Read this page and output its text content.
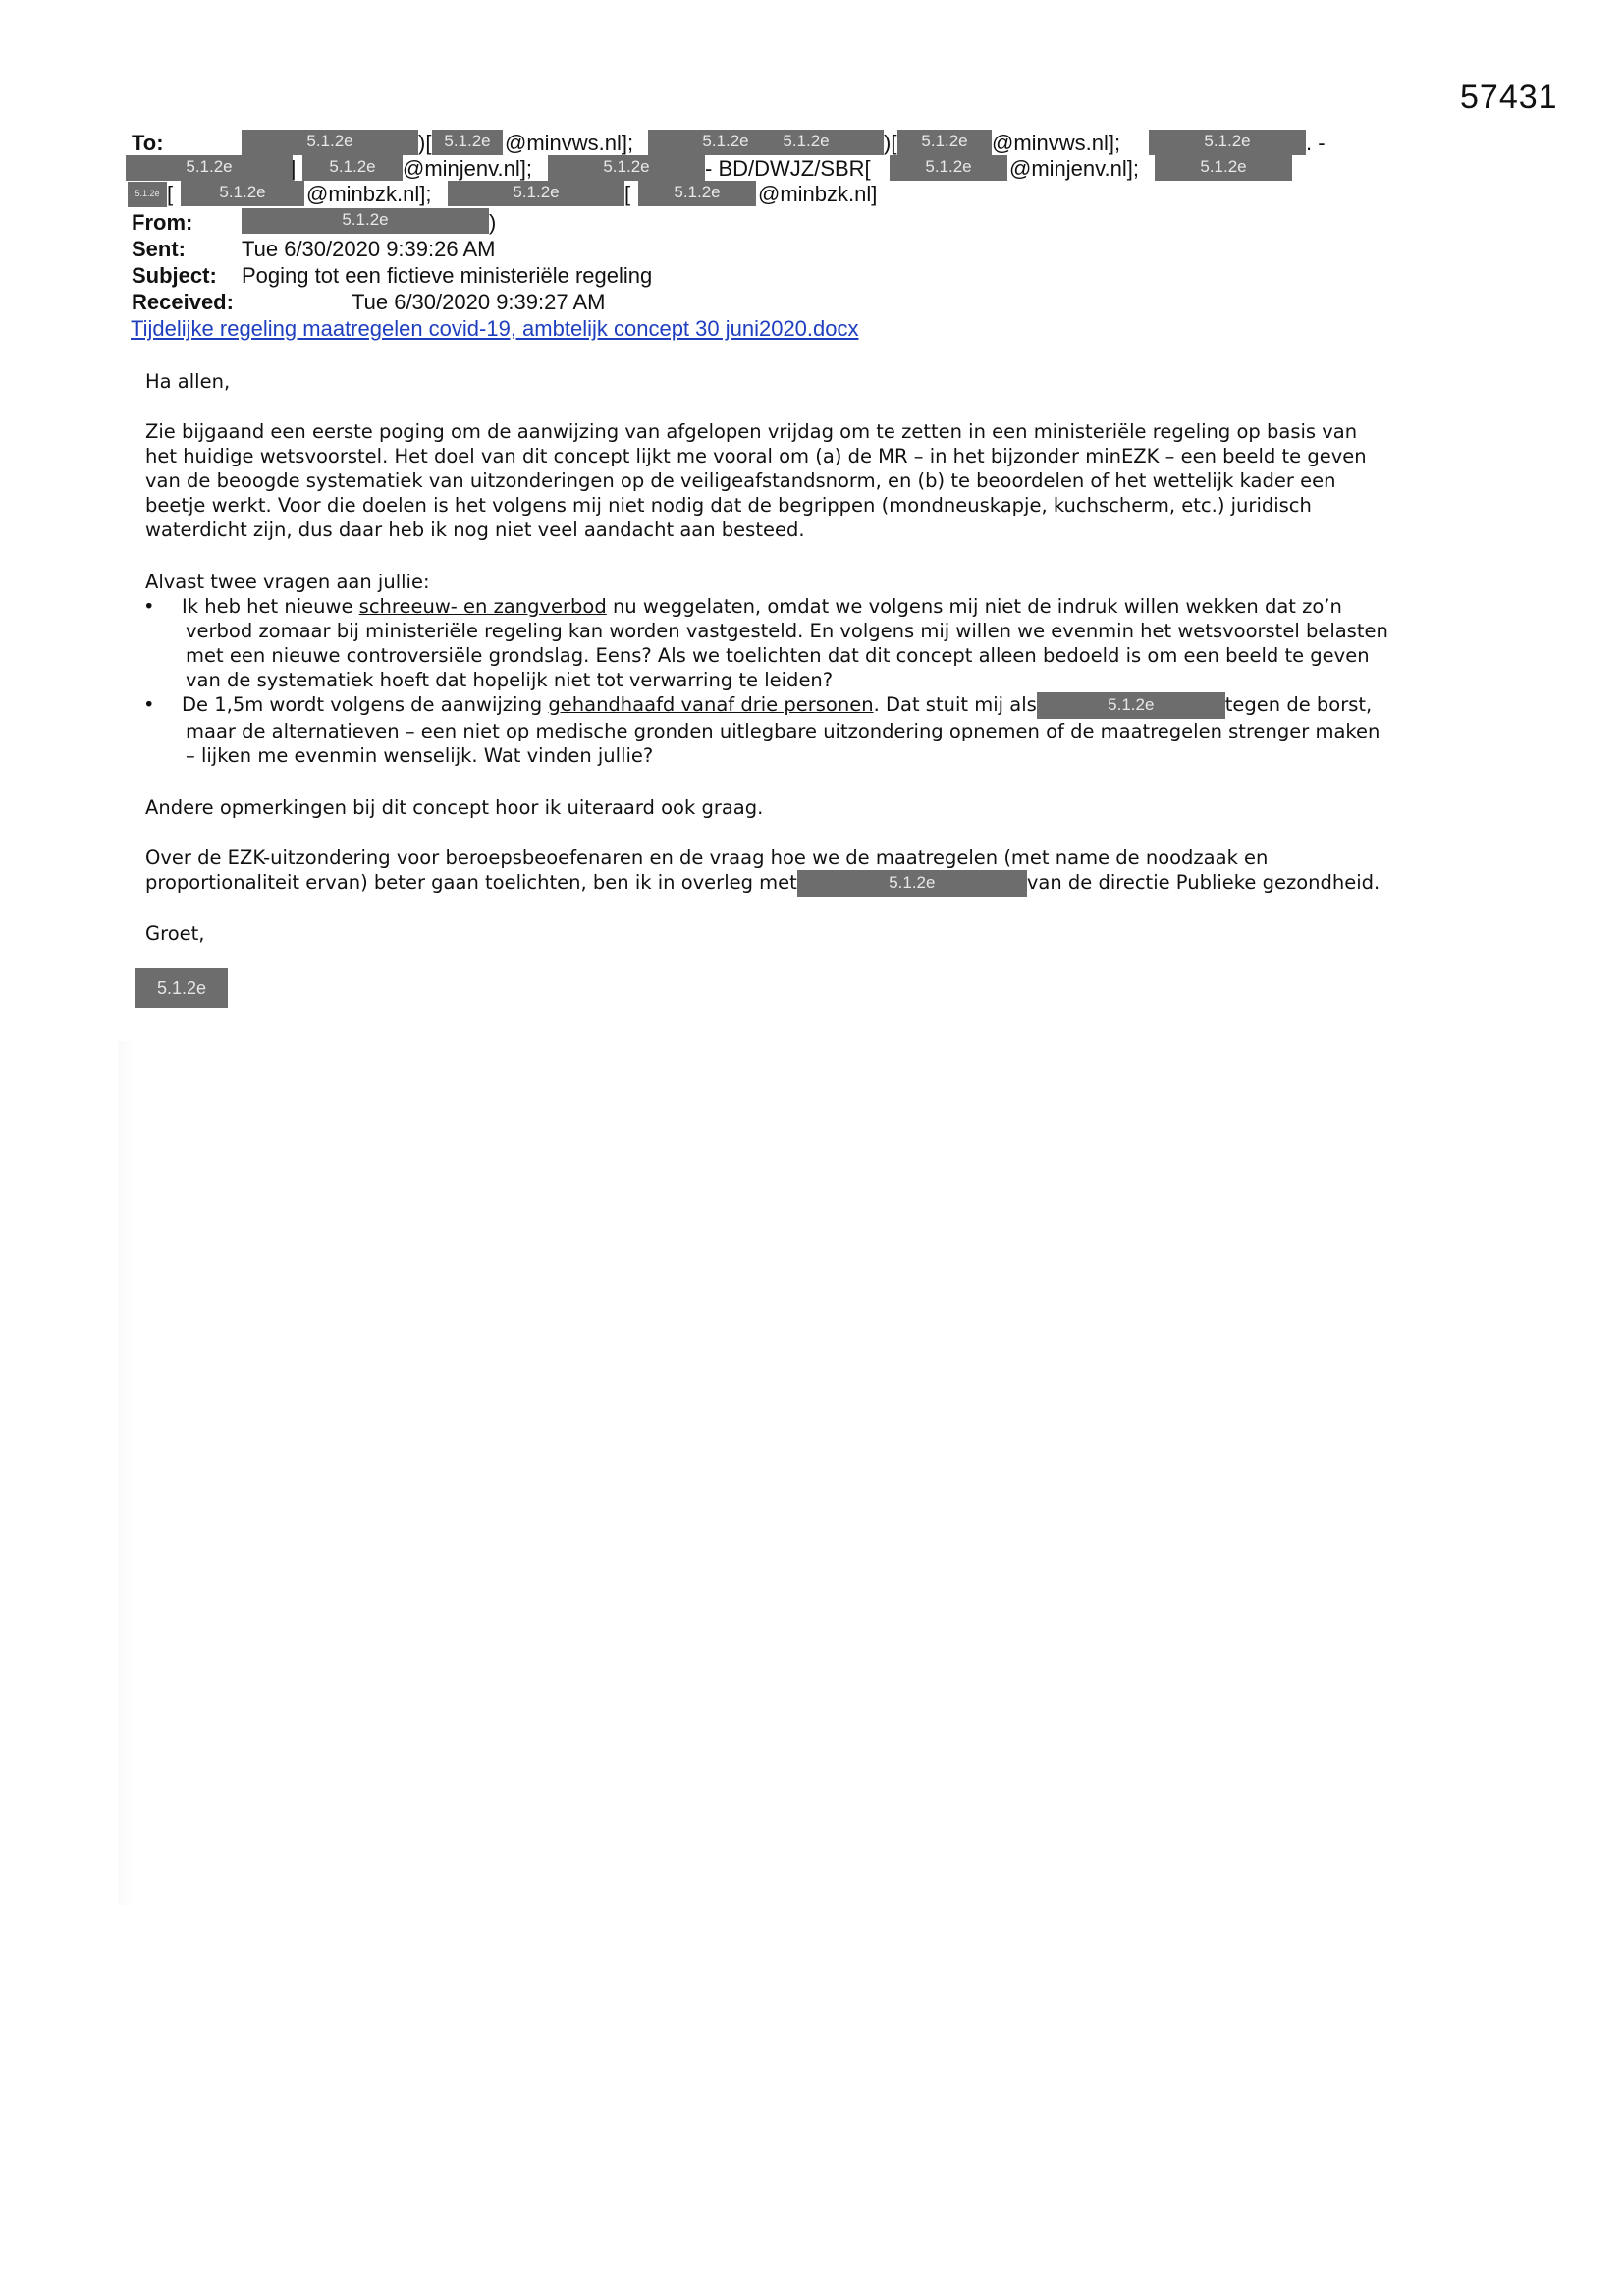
57431
To:	5.1.2e	)[ 5.1.2e @minvws.nl];	5.1.2e 5.1.2e	)[	5.1.2e	@minvws.nl];	5.1.2e	. -
5.1.2e	|	5.1.2e	@minjenv.nl];	5.1.2e	- BD/DWJZ/SBR[	5.1.2e	@minjenv.nl];	5.1.2e
5.1.2e [	5.1.2e	@minbzk.nl];	5.1.2e	[	5.1.2e	@minbzk.nl]
From:	5.1.2e	)
Sent:	Tue 6/30/2020 9:39:26 AM
Subject: Poging tot een fictieve ministeriële regeling
Received:	Tue 6/30/2020 9:39:27 AM
Tijdelijke regeling maatregelen covid-19, ambtelijk concept 30 juni2020.docx
Ha allen,

Zie bijgaand een eerste poging om de aanwijzing van afgelopen vrijdag om te zetten in een ministeriële regeling op basis van

het huidige wetsvoorstel. Het doel van dit concept lijkt me vooral om (a) de MR – in het bijzonder minEZK – een beeld te geven

van de beoogde systematiek van uitzonderingen op de veiligeafstandsnorm, en (b) te beoordelen of het wettelijk kader een

beetje werkt. Voor die doelen is het volgens mij niet nodig dat de begrippen (mondneuskapje, kuchscherm, etc.) juridisch

waterdicht zijn, dus daar heb ik nog niet veel aandacht aan besteed.

Alvast twee vragen aan jullie:
•	Ik heb het nieuwe schreeuw- en zangverbod nu weggelaten, omdat we volgens mij niet de indruk willen wekken dat zo’n

verbod zomaar bij ministeriële regeling kan worden vastgesteld. En volgens mij willen we evenmin het wetsvoorstel belasten

met een nieuwe controversiële grondslag. Eens? Als we toelichten dat dit concept alleen bedoeld is om een beeld te geven

van de systematiek hoeft dat hopelijk niet tot verwarring te leiden?

•	De 1,5m wordt volgens de aanwijzing gehandhaafd vanaf drie personen. Dat stuit mij als	5.1.2e	tegen de borst,

maar de alternatieven – een niet op medische gronden uitlegbare uitzondering opnemen of de maatregelen strenger maken

– lijken me evenmin wenselijk. Wat vinden jullie?

Andere opmerkingen bij dit concept hoor ik uiteraard ook graag.

Over de EZK-uitzondering voor beroepsbeoefenaren en de vraag hoe we de maatregelen (met name de noodzaak en

proportionaliteit ervan) beter gaan toelichten, ben ik in overleg met	5.1.2e	van de directie Publieke gezondheid.

Groet,
5.1.2e
